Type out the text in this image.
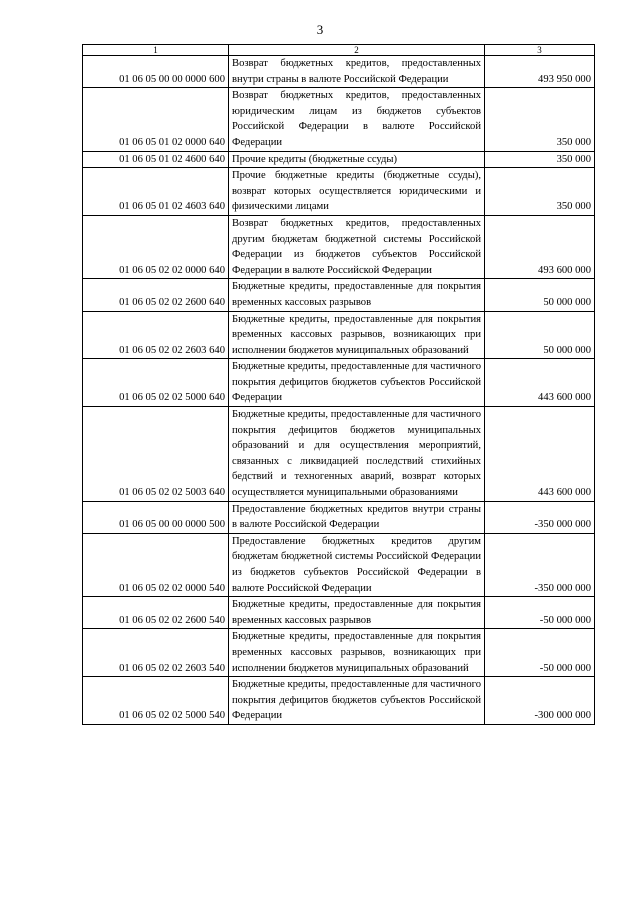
3
1	2	3
01 06 05 00 00 0000 600	Возврат бюджетных кредитов, предоставленных внутри страны в валюте Российской Федерации	493 950 000
01 06 05 01 02 0000 640	Возврат бюджетных кредитов, предоставленных юридическим лицам из бюджетов субъектов Российской Федерации в валюте Российской Федерации	350 000
01 06 05 01 02 4600 640	Прочие кредиты (бюджетные ссуды)	350 000
01 06 05 01 02 4603 640	Прочие бюджетные кредиты (бюджетные ссуды), возврат которых осуществляется юридическими и физическими лицами	350 000
01 06 05 02 02 0000 640	Возврат бюджетных кредитов, предоставленных другим бюджетам бюджетной системы Российской Федерации из бюджетов субъектов Российской Федерации в валюте Российской Федерации	493 600 000
01 06 05 02 02 2600 640	Бюджетные кредиты, предоставленные для покрытия временных кассовых разрывов	50 000 000
01 06 05 02 02 2603 640	Бюджетные кредиты, предоставленные для покрытия временных кассовых разрывов, возникающих при исполнении бюджетов муниципальных образований	50 000 000
01 06 05 02 02 5000 640	Бюджетные кредиты, предоставленные для частичного покрытия дефицитов бюджетов субъектов Российской Федерации	443 600 000
01 06 05 02 02 5003 640	Бюджетные кредиты, предоставленные для частичного покрытия дефицитов бюджетов муниципальных образований и для осуществления мероприятий, связанных с ликвидацией последствий стихийных бедствий и техногенных аварий, возврат которых осуществляется муниципальными образованиями	443 600 000
01 06 05 00 00 0000 500	Предоставление бюджетных кредитов внутри страны в валюте Российской Федерации	-350 000 000
01 06 05 02 02 0000 540	Предоставление бюджетных кредитов другим бюджетам бюджетной системы Российской Федерации из бюджетов субъектов Российской Федерации в валюте Российской Федерации	-350 000 000
01 06 05 02 02 2600 540	Бюджетные кредиты, предоставленные для покрытия временных кассовых разрывов	-50 000 000
01 06 05 02 02 2603 540	Бюджетные кредиты, предоставленные для покрытия временных кассовых разрывов, возникающих при исполнении бюджетов муниципальных образований	-50 000 000
01 06 05 02 02 5000 540	Бюджетные кредиты, предоставленные для частичного покрытия дефицитов бюджетов субъектов Российской Федерации	-300 000 000
